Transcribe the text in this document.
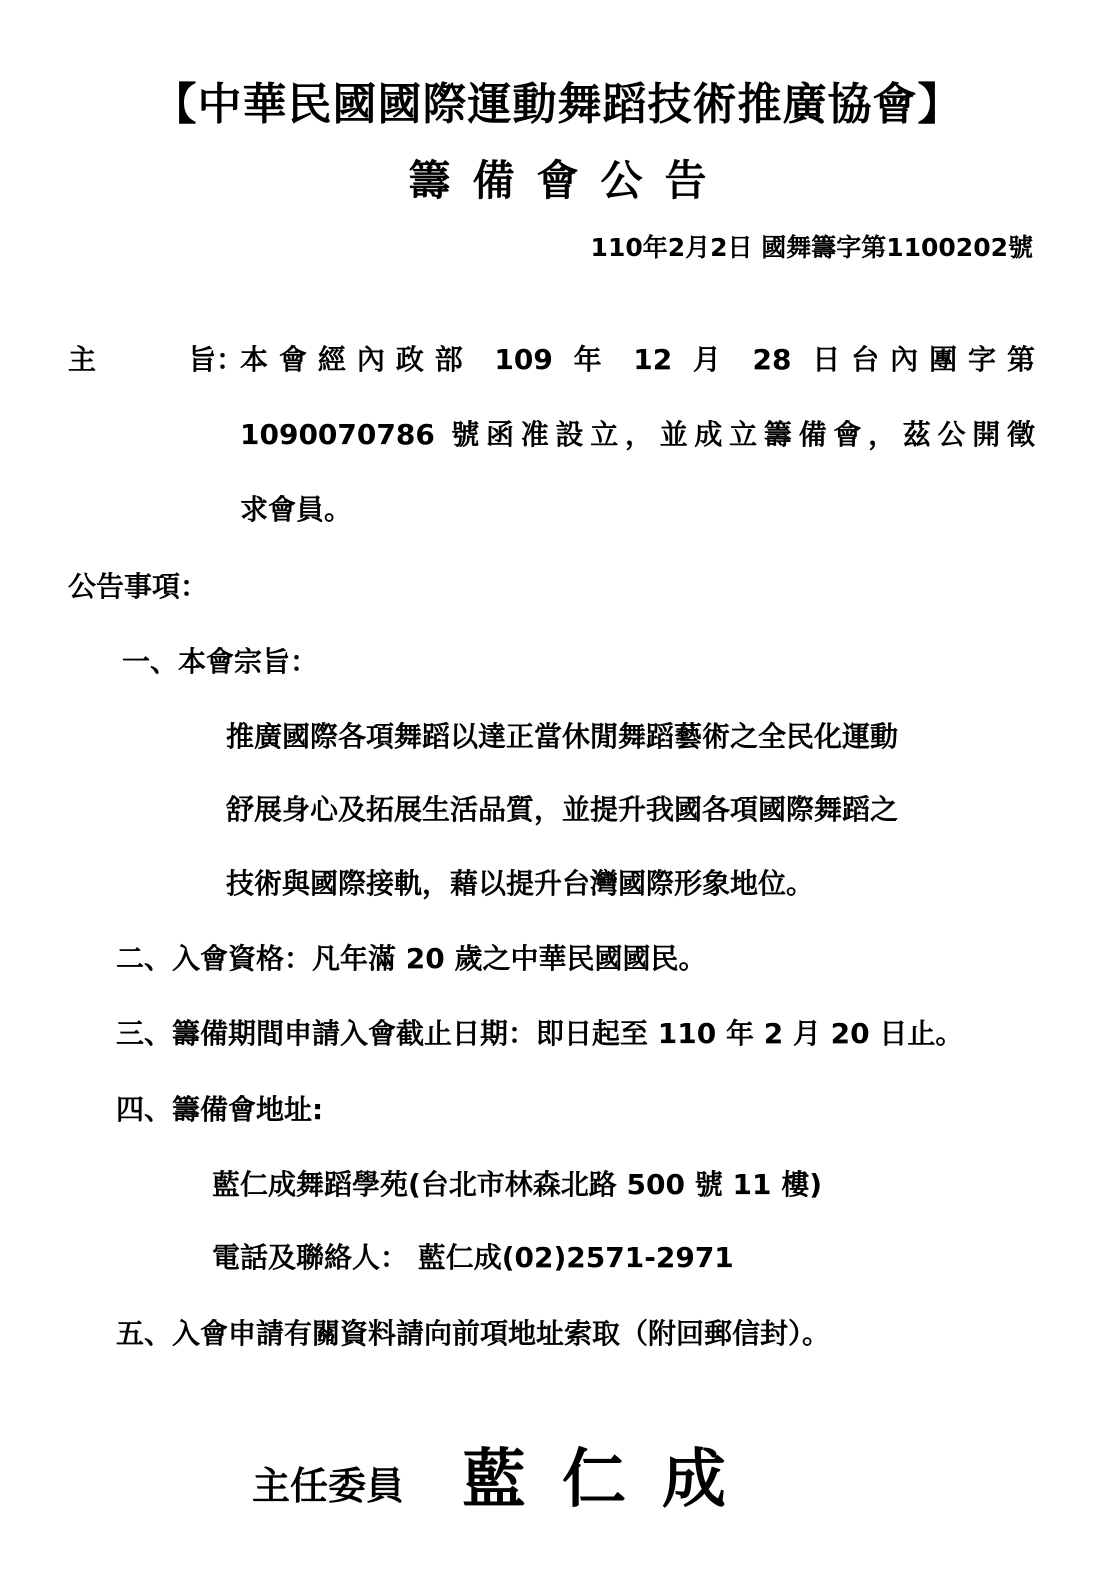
【中華民國國際運動舞蹈技術推廣協會】
籌備會公告
110年2月2日 國舞籌字第1100202號
主	旨：
本會經內政部 109 年 12 月 28 日台內團字第
1090070786 號函准設立，並成立籌備會，茲公開徵
求會員。
公告事項：
一、本會宗旨：
推廣國際各項舞蹈以達正當休閒舞蹈藝術之全民化運動
舒展身心及拓展生活品質，並提升我國各項國際舞蹈之
技術與國際接軌，藉以提升台灣國際形象地位。
二、入會資格：凡年滿 20 歲之中華民國國民。
三、籌備期間申請入會截止日期：即日起至 110 年 2 月 20 日止。
四、籌備會地址:
藍仁成舞蹈學苑(台北市林森北路 500 號 11 樓)
電話及聯絡人： 藍仁成(02)2571-2971
五、入會申請有關資料請向前項地址索取（附回郵信封）。
主任委員 藍仁成
